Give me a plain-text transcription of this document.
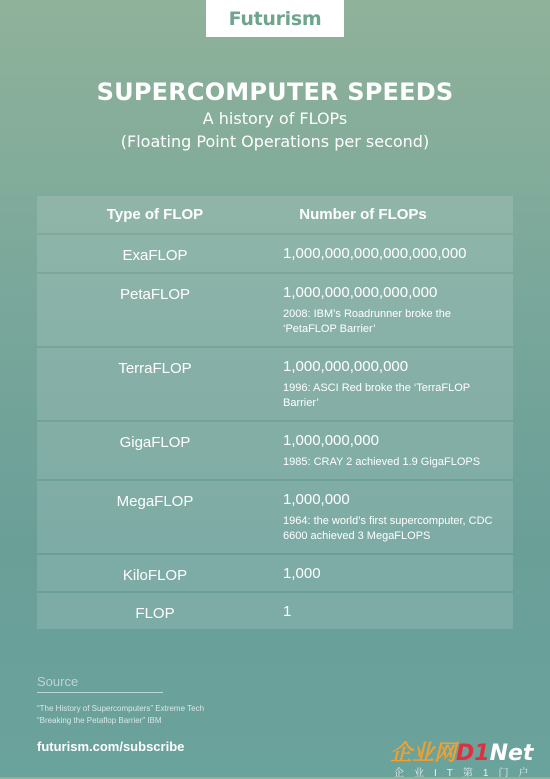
Futurism
SUPERCOMPUTER SPEEDS
A history of FLOPs
(Floating Point Operations per second)
Type of FLOP	Number of FLOPs
ExaFLOP	1,000,000,000,000,000,000
PetaFLOP	1,000,000,000,000,000
2008: IBM’s Roadrunner broke the ‘PetaFLOP Barrier’
TerraFLOP	1,000,000,000,000
1996: ASCI Red broke the ‘TerraFLOP Barrier’
GigaFLOP	1,000,000,000
1985: CRAY 2 achieved 1.9 GigaFLOPS
MegaFLOP	1,000,000
1964: the world’s first supercomputer, CDC 6600 achieved 3 MegaFLOPS
KiloFLOP	1,000
FLOP	1
Source
“The History of Supercomputers” Extreme Tech
“Breaking the Petaflop Barrier” IBM
futurism.com/subscribe	企业网D1Net
企业IT第1门户
